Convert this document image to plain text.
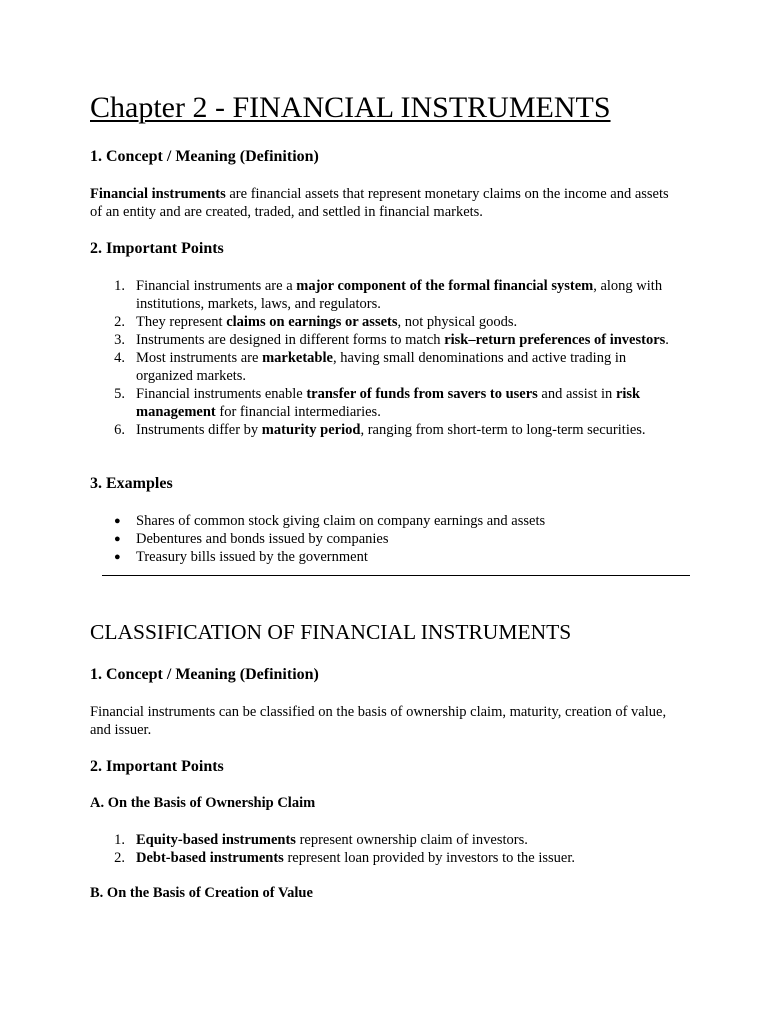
Chapter 2 - FINANCIAL INSTRUMENTS
1. Concept / Meaning (Definition)

Financial instruments are financial assets that represent monetary claims on the income and assets of an entity and are created, traded, and settled in financial markets.

2. Important Points
1. Financial instruments are a major component of the formal financial system, along with institutions, markets, laws, and regulators.
2. They represent claims on earnings or assets, not physical goods.
3. Instruments are designed in different forms to match risk–return preferences of investors.
4. Most instruments are marketable, having small denominations and active trading in organized markets.
5. Financial instruments enable transfer of funds from savers to users and assist in risk management for financial intermediaries.
6. Instruments differ by maturity period, ranging from short-term to long-term securities.
3. Examples
● Shares of common stock giving claim on company earnings and assets
● Debentures and bonds issued by companies
● Treasury bills issued by the government
CLASSIFICATION OF FINANCIAL INSTRUMENTS
1. Concept / Meaning (Definition)

Financial instruments can be classified on the basis of ownership claim, maturity, creation of value, and issuer.

2. Important Points
A. On the Basis of Ownership Claim
1. Equity-based instruments represent ownership claim of investors.
2. Debt-based instruments represent loan provided by investors to the issuer.
B. On the Basis of Creation of Value
